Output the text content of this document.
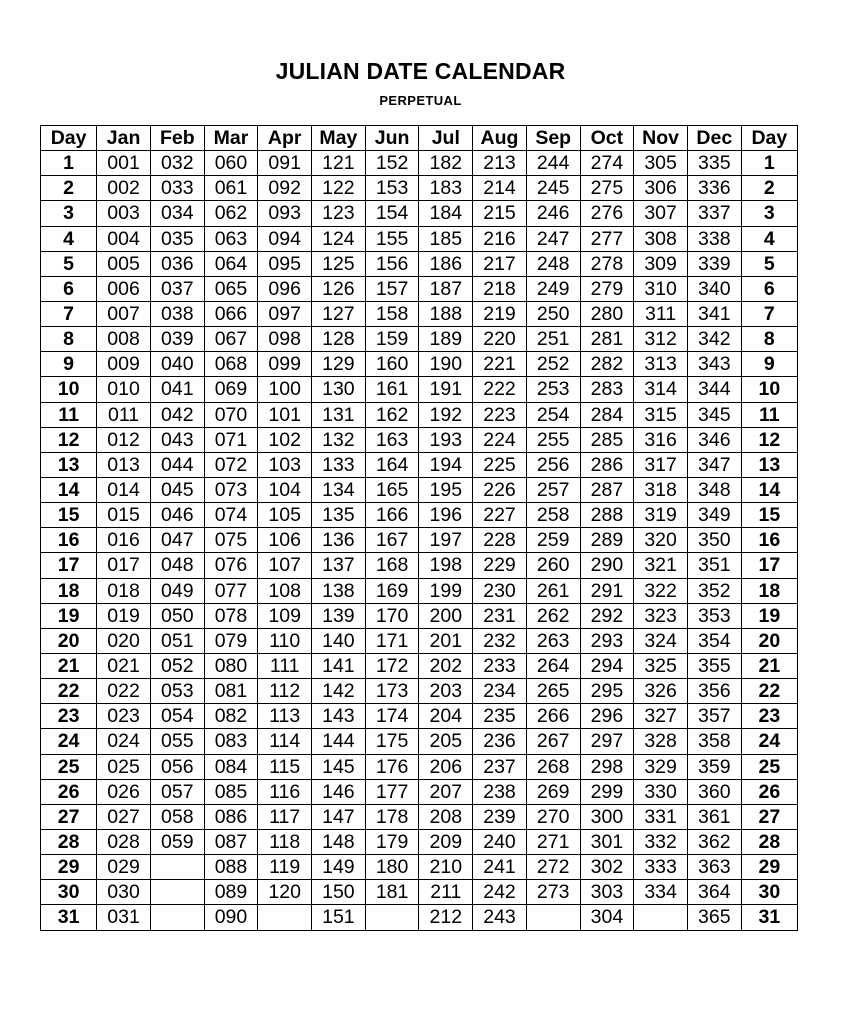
JULIAN DATE CALENDAR
PERPETUAL
Day	Jan	Feb	Mar	Apr	May	Jun	Jul	Aug	Sep	Oct	Nov	Dec	Day
1	001	032	060	091	121	152	182	213	244	274	305	335	1
2	002	033	061	092	122	153	183	214	245	275	306	336	2
3	003	034	062	093	123	154	184	215	246	276	307	337	3
4	004	035	063	094	124	155	185	216	247	277	308	338	4
5	005	036	064	095	125	156	186	217	248	278	309	339	5
6	006	037	065	096	126	157	187	218	249	279	310	340	6
7	007	038	066	097	127	158	188	219	250	280	311	341	7
8	008	039	067	098	128	159	189	220	251	281	312	342	8
9	009	040	068	099	129	160	190	221	252	282	313	343	9
10	010	041	069	100	130	161	191	222	253	283	314	344	10
11	011	042	070	101	131	162	192	223	254	284	315	345	11
12	012	043	071	102	132	163	193	224	255	285	316	346	12
13	013	044	072	103	133	164	194	225	256	286	317	347	13
14	014	045	073	104	134	165	195	226	257	287	318	348	14
15	015	046	074	105	135	166	196	227	258	288	319	349	15
16	016	047	075	106	136	167	197	228	259	289	320	350	16
17	017	048	076	107	137	168	198	229	260	290	321	351	17
18	018	049	077	108	138	169	199	230	261	291	322	352	18
19	019	050	078	109	139	170	200	231	262	292	323	353	19
20	020	051	079	110	140	171	201	232	263	293	324	354	20
21	021	052	080	111	141	172	202	233	264	294	325	355	21
22	022	053	081	112	142	173	203	234	265	295	326	356	22
23	023	054	082	113	143	174	204	235	266	296	327	357	23
24	024	055	083	114	144	175	205	236	267	297	328	358	24
25	025	056	084	115	145	176	206	237	268	298	329	359	25
26	026	057	085	116	146	177	207	238	269	299	330	360	26
27	027	058	086	117	147	178	208	239	270	300	331	361	27
28	028	059	087	118	148	179	209	240	271	301	332	362	28
29	029		088	119	149	180	210	241	272	302	333	363	29
30	030		089	120	150	181	211	242	273	303	334	364	30
31	031		090		151		212	243		304		365	31
